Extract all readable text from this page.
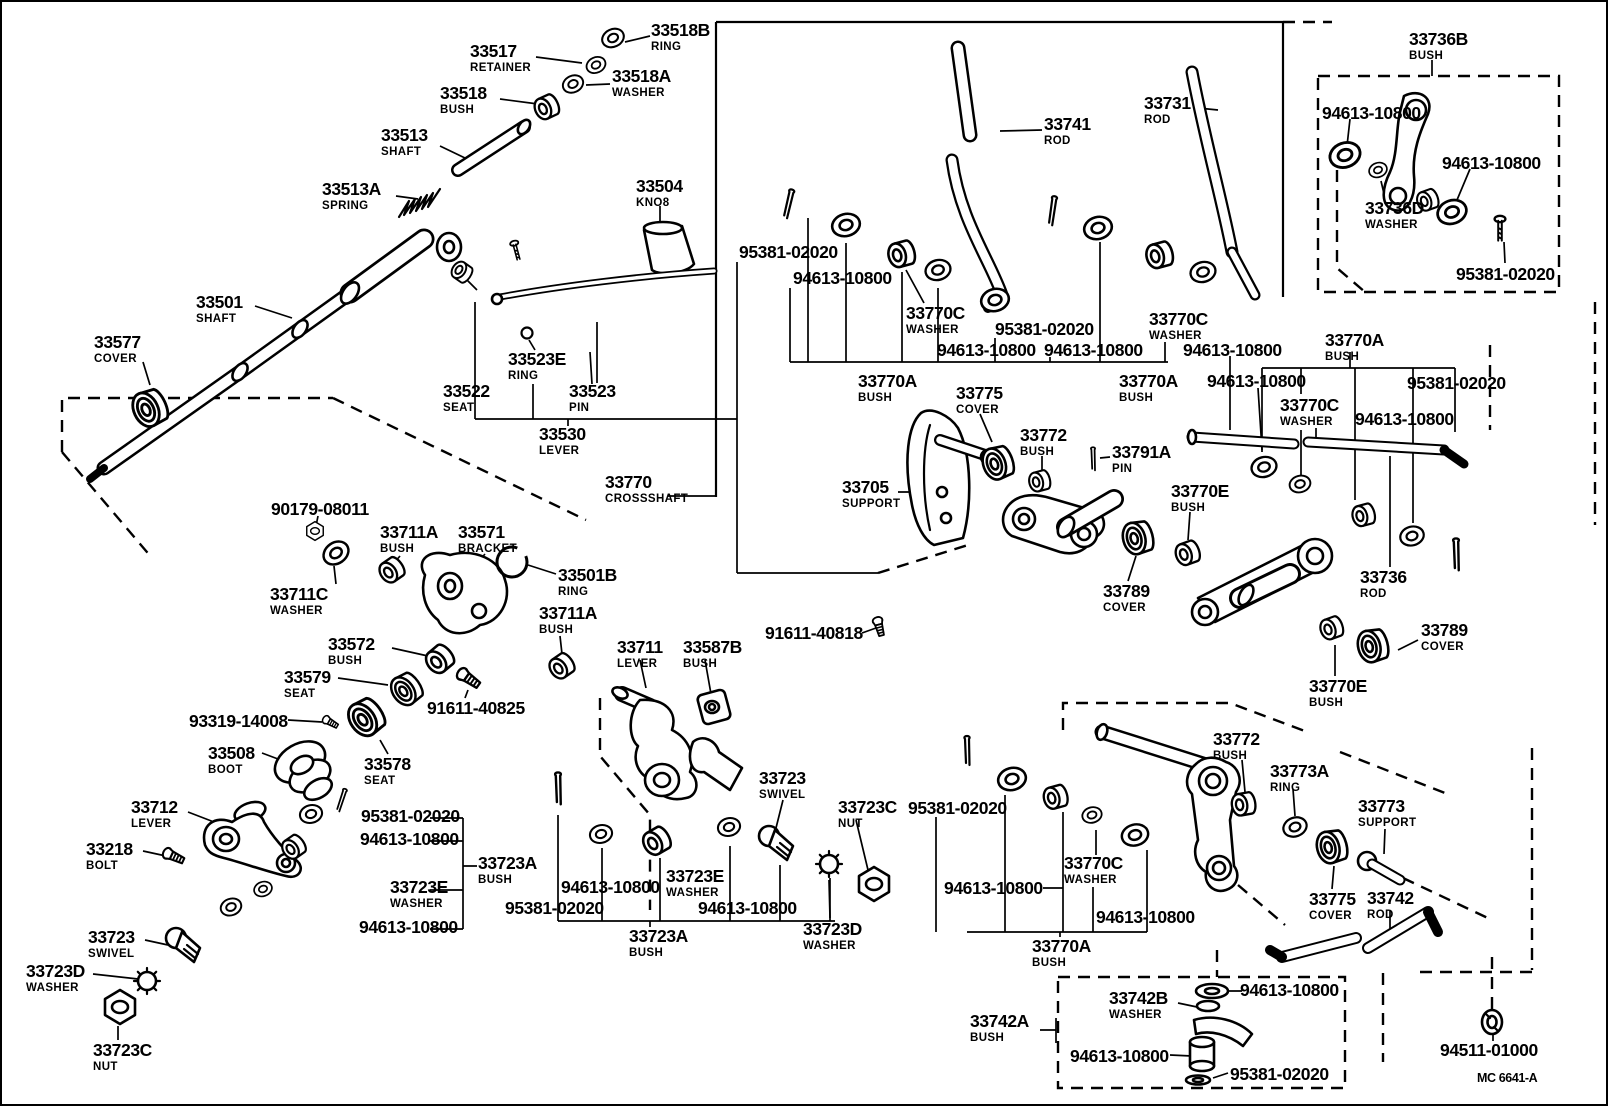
33518B
RING
33517
RETAINER	33518A
WASHER
33518
BUSH
33513
SHAFT
33513A
SPRING
33504
KNO8
33501
SHAFT
33577
COVER	33523E
RING
33522
SEAT
33523
PIN
33530
LEVER
33770
CROSSSHAFT
90179-08011
33711A
BUSH
33571
BRACKET
33501B
RING
33711C
WASHER	33711A
BUSH
33572
BUSH
33711
LEVER
33587B
BUSH
33579
SEAT
91611-40825
91611-40818
93319-14008
33508
BOOT	33578
SEAT
33712
LEVER	95381-02020
94613-10800
33218
BOLT	33723A
BUSH	94613-10800
33723E
WASHER
33723E
WASHER	95381-02020	94613-10800
94613-10800
33723
SWIVEL
33723A
BUSH
33723D
WASHER
33723D
WASHER
33723C
NUT
33723
SWIVEL
33723C
NUT
33741
ROD
33731
ROD
95381-02020
94613-10800
33770C
WASHER	95381-02020
94613-10800 94613-10800
33770C
WASHER
94613-10800
33770A
BUSH	33775
COVER
33770A
BUSH
94613-10800
33770A
BUSH
95381-02020
33770C
WASHER	94613-10800
33772
BUSH	33791A
PIN
33705
SUPPORT
33770E
BUSH
33789
COVER
33736
ROD
33789
COVER
33770E
BUSH
33736B
BUSH
94613-10800
94613-10800
33736D
WASHER
95381-02020
33772
BUSH
33773A
RING
33773
SUPPORT
95381-02020
33770C
WASHER
94613-10800
94613-10800
33770A
BUSH
33775
COVER
33742
ROD
33742B
WASHER
94613-10800
33742A
BUSH
94613-10800
95381-02020
94511-01000
MC 6641-A
